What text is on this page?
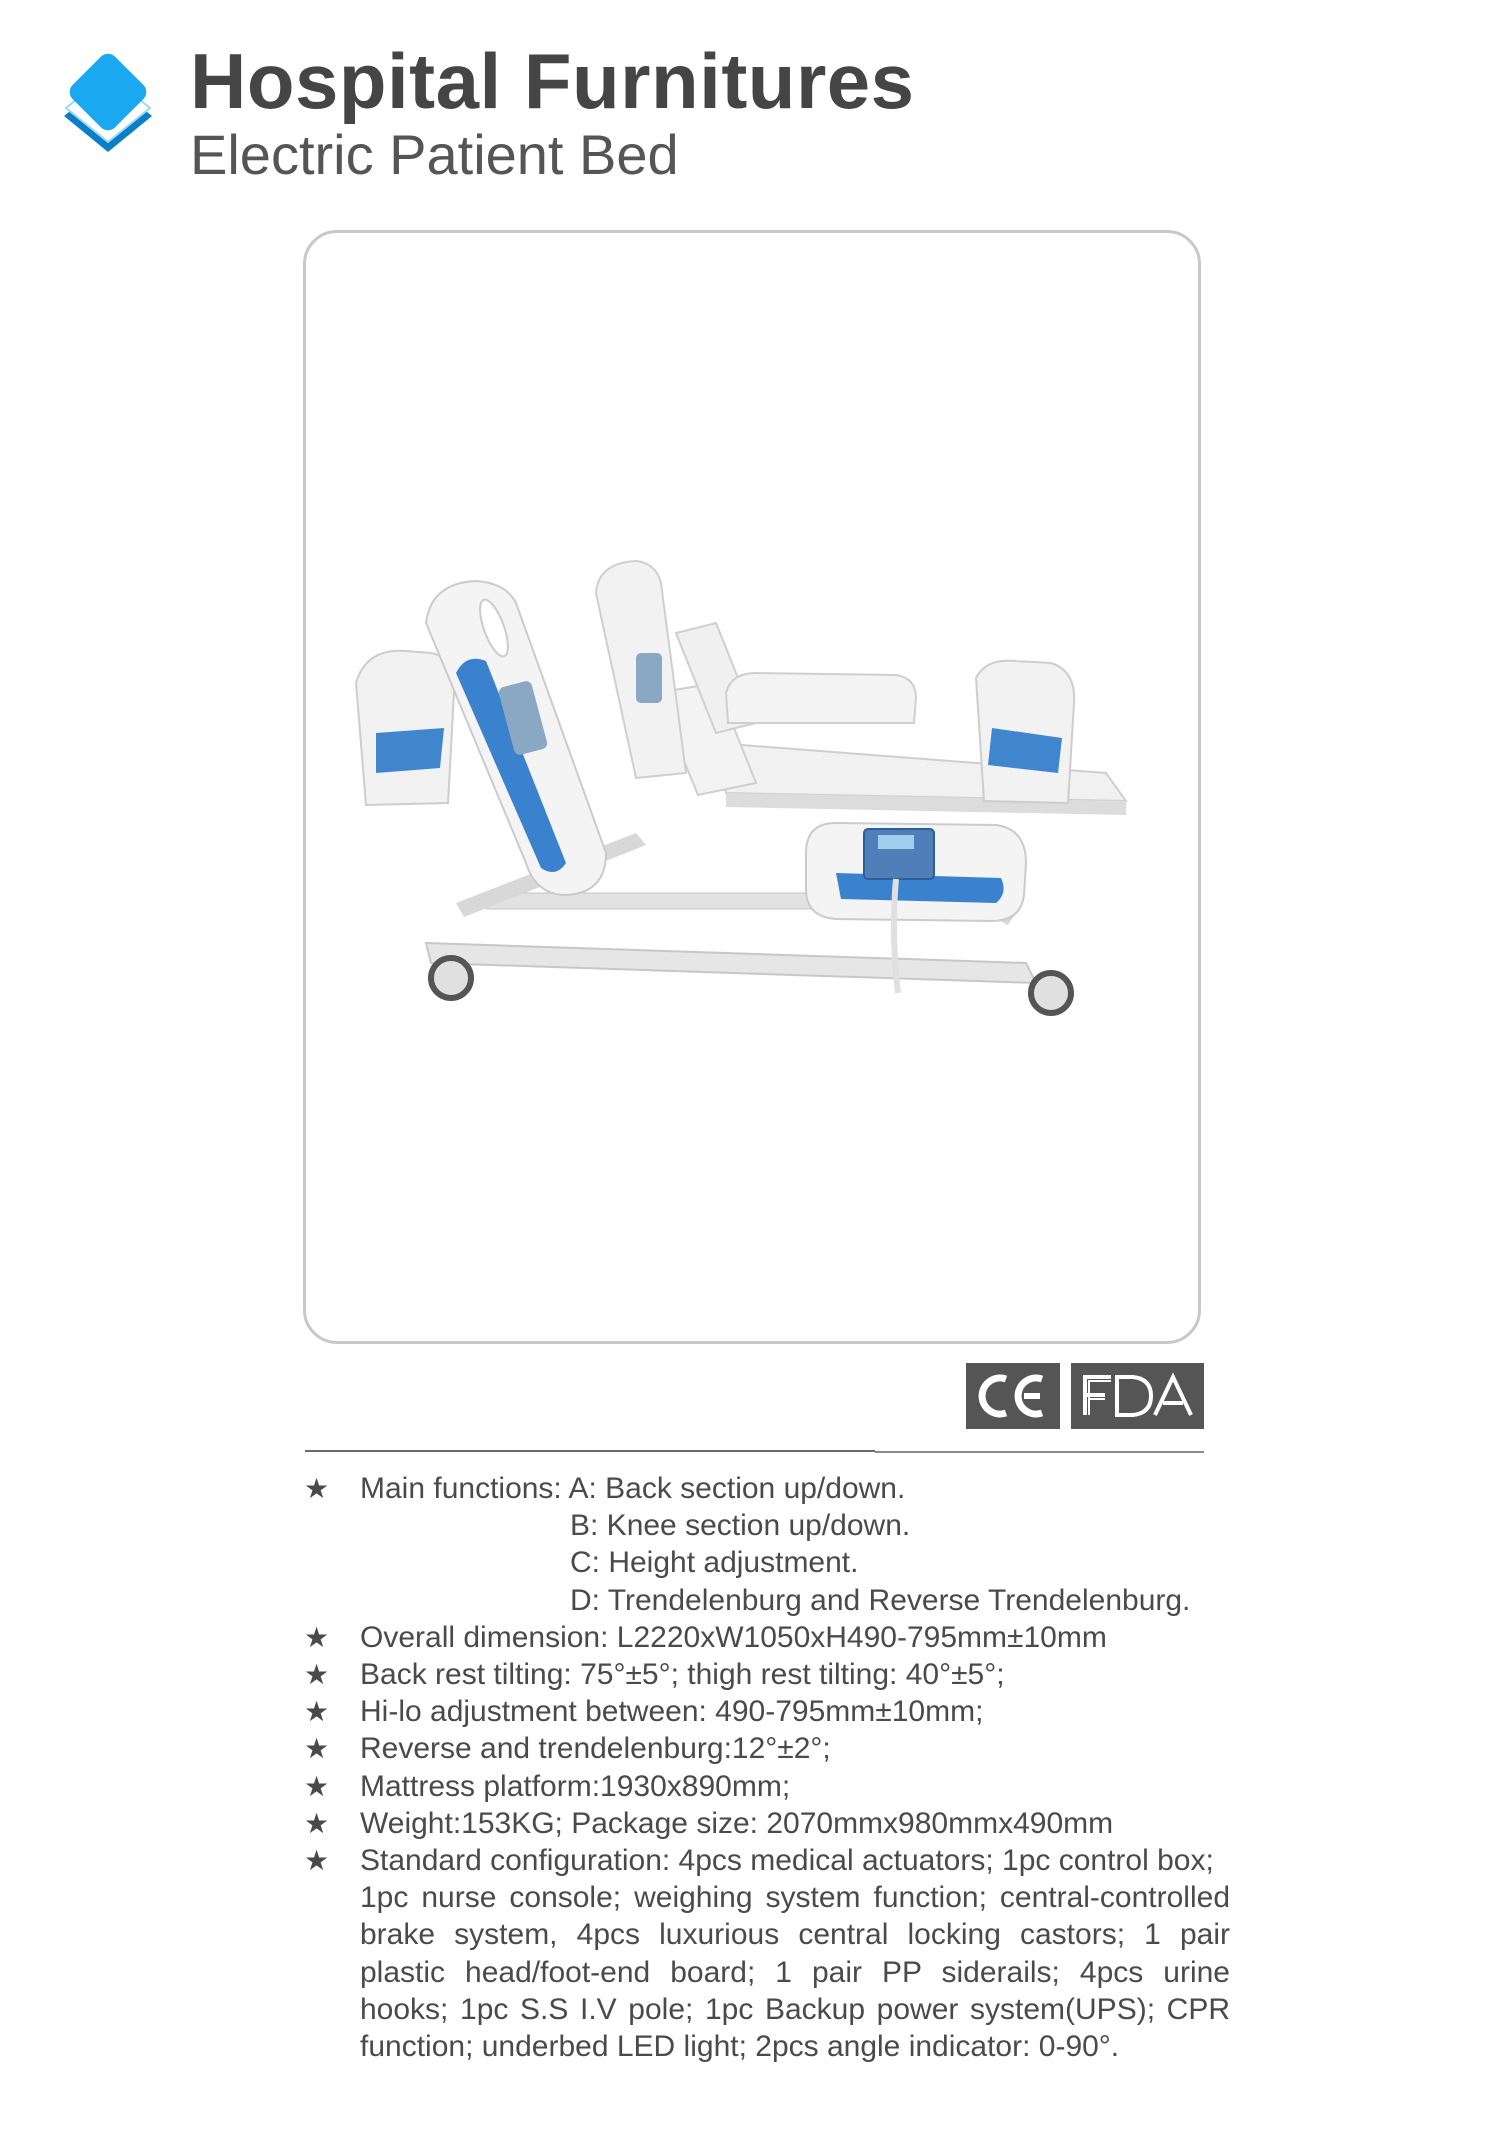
Hospital Furnitures
Electric Patient Bed
★ Main functions: A: Back section up/down.
B: Knee section up/down.
C: Height adjustment.
D: Trendelenburg and Reverse Trendelenburg.
★ Overall dimension: L2220xW1050xH490-795mm±10mm
★ Back rest tilting: 75°±5°; thigh rest tilting: 40°±5°;
★ Hi-lo adjustment between: 490-795mm±10mm;
★ Reverse and trendelenburg:12°±2°;
★ Mattress platform:1930x890mm;
★ Weight:153KG; Package size: 2070mmx980mmx490mm
★ Standard configuration: 4pcs medical actuators; 1pc control box;
1pc nurse console; weighing system function; central-controlled brake system, 4pcs luxurious central locking castors; 1 pair plastic head/foot-end board; 1 pair PP siderails; 4pcs urine hooks; 1pc S.S I.V pole; 1pc Backup power system(UPS); CPR function; underbed LED light; 2pcs angle indicator: 0-90°.
